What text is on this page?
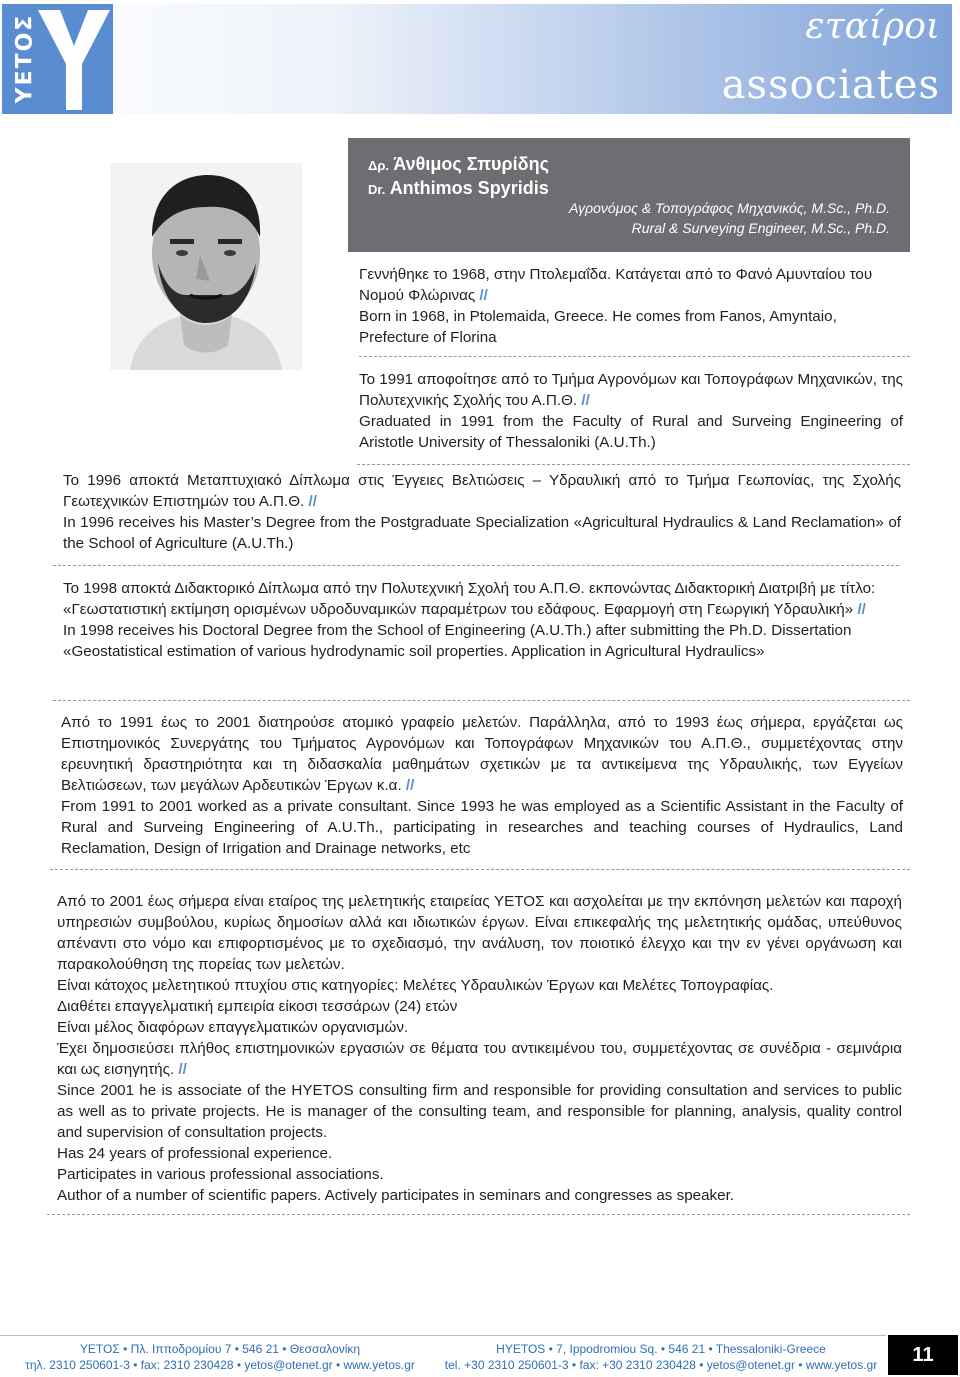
ΥΕΤΟΣ	εταίροι
associates
Δρ. Άνθιμος Σπυρίδης
Dr. Anthimos Spyridis
Αγρονόμος & Τοπογράφος Μηχανικός, M.Sc., Ph.D.
Rural & Surveying Engineer, M.Sc., Ph.D.

Γεννήθηκε το 1968, στην Πτολεμαΐδα. Κατάγεται από το Φανό Αμυνταίου του Νομού Φλώρινας //

Born in 1968, in Ptolemaida, Greece. He comes from Fanos, Amyntaio, Prefecture of Florina

Το 1991 αποφοίτησε από το Τμήμα Αγρονόμων και Τοπογράφων Μηχανικών, της Πολυτεχνικής Σχολής του Α.Π.Θ. //

Graduated in 1991 from the Faculty of Rural and Surveing Engineering of Aristotle University of Thessaloniki (A.U.Th.)

Το 1996 αποκτά Μεταπτυχιακό Δίπλωμα στις Έγγειες Βελτιώσεις – Υδραυλική από το Τμήμα Γεωπονίας, της Σχολής Γεωτεχνικών Επιστημών του Α.Π.Θ. //

In 1996 receives his Master’s Degree from the Postgraduate Specialization «Agricultural Hydraulics & Land Reclamation» of the School of Agriculture (A.U.Th.)

Το 1998 αποκτά Διδακτορικό Δίπλωμα από την Πολυτεχνική Σχολή του Α.Π.Θ. εκπονώντας Διδακτορική Διατριβή με τίτλο: «Γεωστατιστική εκτίμηση ορισμένων υδροδυναμικών παραμέτρων του εδάφους. Εφαρμογή στη Γεωργική Υδραυλική» //

In 1998 receives his Doctoral Degree from the School of Engineering (A.U.Th.) after submitting the Ph.D. Dissertation «Geostatistical estimation of various hydrodynamic soil properties. Application in Agricultural Hydraulics»

Από το 1991 έως το 2001 διατηρούσε ατομικό γραφείο μελετών. Παράλληλα, από το 1993 έως σήμερα, εργάζεται ως Επιστημονικός Συνεργάτης του Τμήματος Αγρονόμων και Τοπογράφων Μηχανικών του Α.Π.Θ., συμμετέχοντας στην ερευνητική δραστηριότητα και τη διδασκαλία μαθημάτων σχετικών με τα αντικείμενα της Υδραυλικής, των Εγγείων Βελτιώσεων, των μεγάλων Αρδευτικών Έργων κ.α. //

From 1991 to 2001 worked as a private consultant. Since 1993 he was employed as a Scientific Assistant in the Faculty of Rural and Surveing Engineering of A.U.Th., participating in researches and teaching courses of Hydraulics, Land Reclamation, Design of Irrigation and Drainage networks, etc

Από το 2001 έως σήμερα είναι εταίρος της μελετητικής εταιρείας ΥΕΤΟΣ και ασχολείται με την εκπόνηση μελετών και παροχή υπηρεσιών συμβούλου, κυρίως δημοσίων αλλά και ιδιωτικών έργων. Είναι επικεφαλής της μελετητικής ομάδας, υπεύθυνος απέναντι στο νόμο και επιφορτισμένος με το σχεδιασμό, την ανάλυση, τον ποιοτικό έλεγχο και την εν γένει οργάνωση και παρακολούθηση της πορείας των μελετών.

Είναι κάτοχος μελετητικού πτυχίου στις κατηγορίες: Μελέτες Υδραυλικών Έργων και Μελέτες Τοπογραφίας.

Διαθέτει επαγγελματική εμπειρία είκοσι τεσσάρων (24) ετών

Είναι μέλος διαφόρων επαγγελματικών οργανισμών.

Έχει δημοσιεύσει πλήθος επιστημονικών εργασιών σε θέματα του αντικειμένου του, συμμετέχοντας σε συνέδρια - σεμινάρια και ως εισηγητής. //

Since 2001 he is associate of the HYETOS consulting firm and responsible for providing consultation and services to public as well as to private projects. He is manager of the consulting team, and responsible for planning, analysis, quality control and supervision of consultation projects.

Has 24 years of professional experience.

Participates in various professional associations.

Author of a number of scientific papers. Actively participates in seminars and congresses as speaker.

ΥΕΤΟΣ • Πλ. Ιπποδρομίου 7 • 546 21 • Θεσσαλονίκη
τηλ. 2310 250601-3 • fax: 2310 230428 • yetos@otenet.gr • www.yetos.gr
HYETOS • 7, Ippodromiou Sq. • 546 21 • Thessaloniki-Greece
tel. +30 2310 250601-3 • fax: +30 2310 230428 • yetos@otenet.gr • www.yetos.gr	11
